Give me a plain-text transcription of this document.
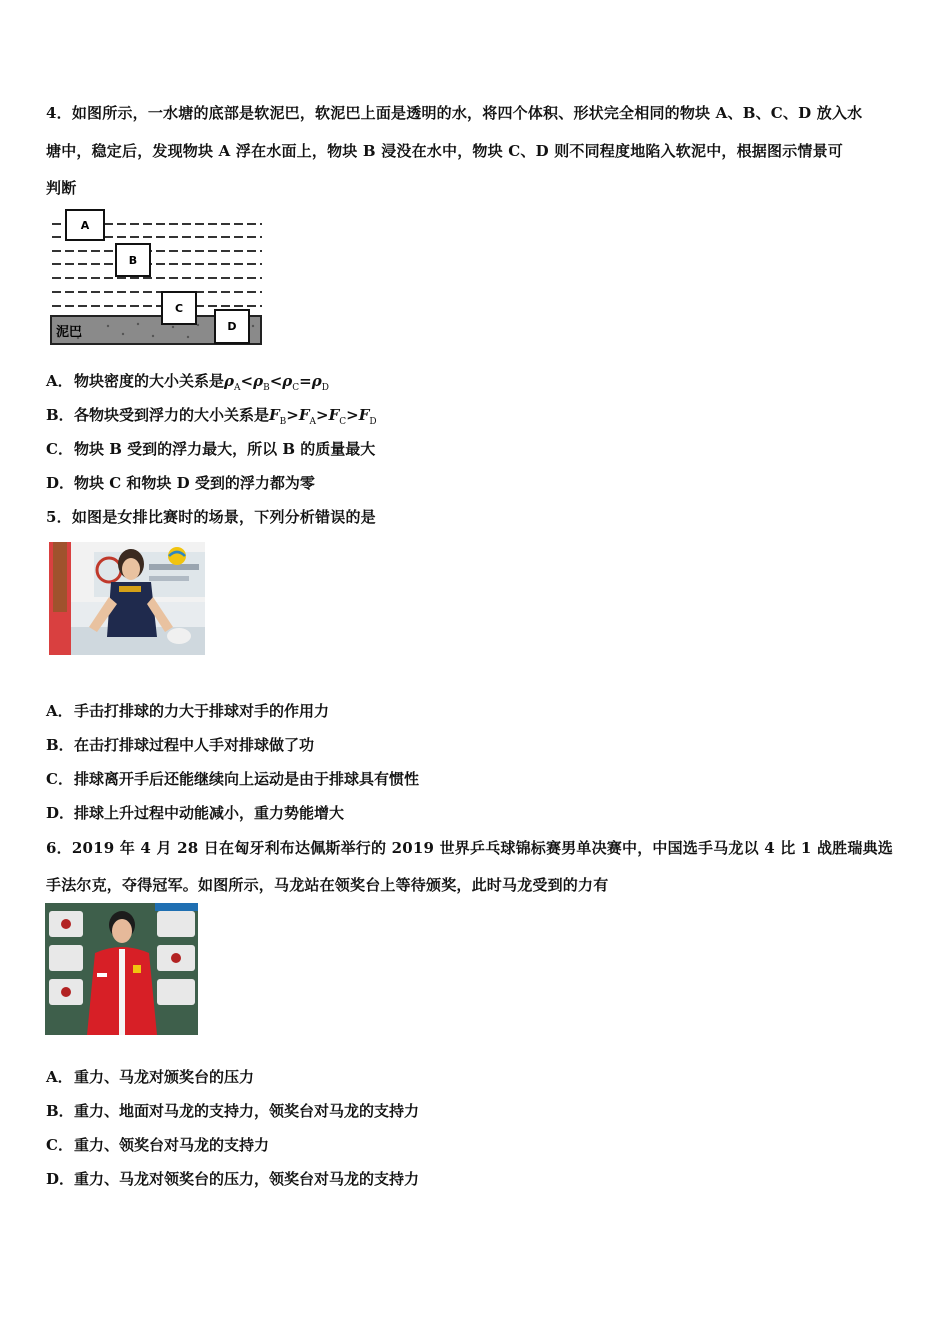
4．如图所示，一水塘的底部是软泥巴，软泥巴上面是透明的水，将四个体积、形状完全相同的物块 A、B、C、D 放入水

塘中，稳定后，发现物块 A 浮在水面上，物块 B 浸没在水中，物块 C、D 则不同程度地陷入软泥中，根据图示情景可

判断

泥巴
A
B
C
D

A．物块密度的大小关系是$\rho_A<\rho_B<\rho_C=\rho_D$

B．各物块受到浮力的大小关系是$F_B>F_A>F_C>F_D$

C．物块 B 受到的浮力最大，所以 B 的质量最大

D．物块 C 和物块 D 受到的浮力都为零

5．如图是女排比赛时的场景，下列分析错误的是

A．手击打排球的力大于排球对手的作用力

B．在击打排球过程中人手对排球做了功

C．排球离开手后还能继续向上运动是由于排球具有惯性

D．排球上升过程中动能减小，重力势能增大

6．2019 年 4 月 28 日在匈牙利布达佩斯举行的 2019 世界乒乓球锦标赛男单决赛中，中国选手马龙以 4 比 1 战胜瑞典选

手法尔克，夺得冠军。如图所示，马龙站在领奖台上等待颁奖，此时马龙受到的力有

A．重力、马龙对颁奖台的压力

B．重力、地面对马龙的支持力，领奖台对马龙的支持力

C．重力、领奖台对马龙的支持力

D．重力、马龙对领奖台的压力，领奖台对马龙的支持力
